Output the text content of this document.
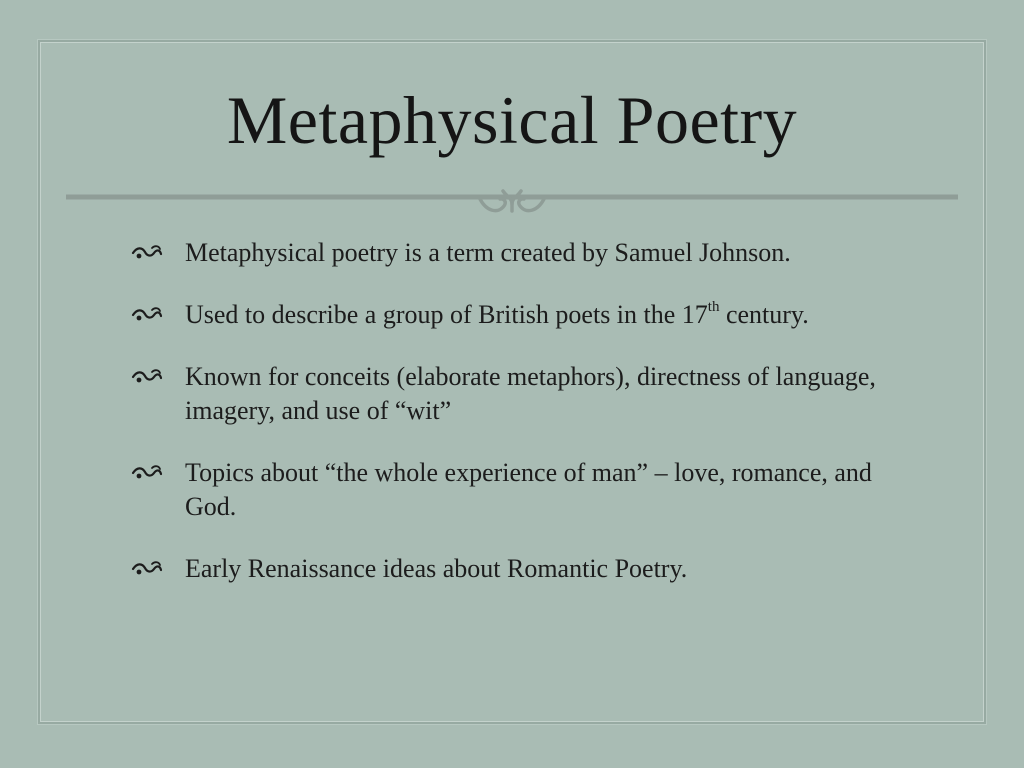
Metaphysical Poetry
Metaphysical poetry is a term created by Samuel Johnson.
Used to describe a group of British poets in the 17th century.
Known for conceits (elaborate metaphors), directness of language, imagery, and use of “wit”
Topics about “the whole experience of man” – love, romance, and God.
Early Renaissance ideas about Romantic Poetry.
